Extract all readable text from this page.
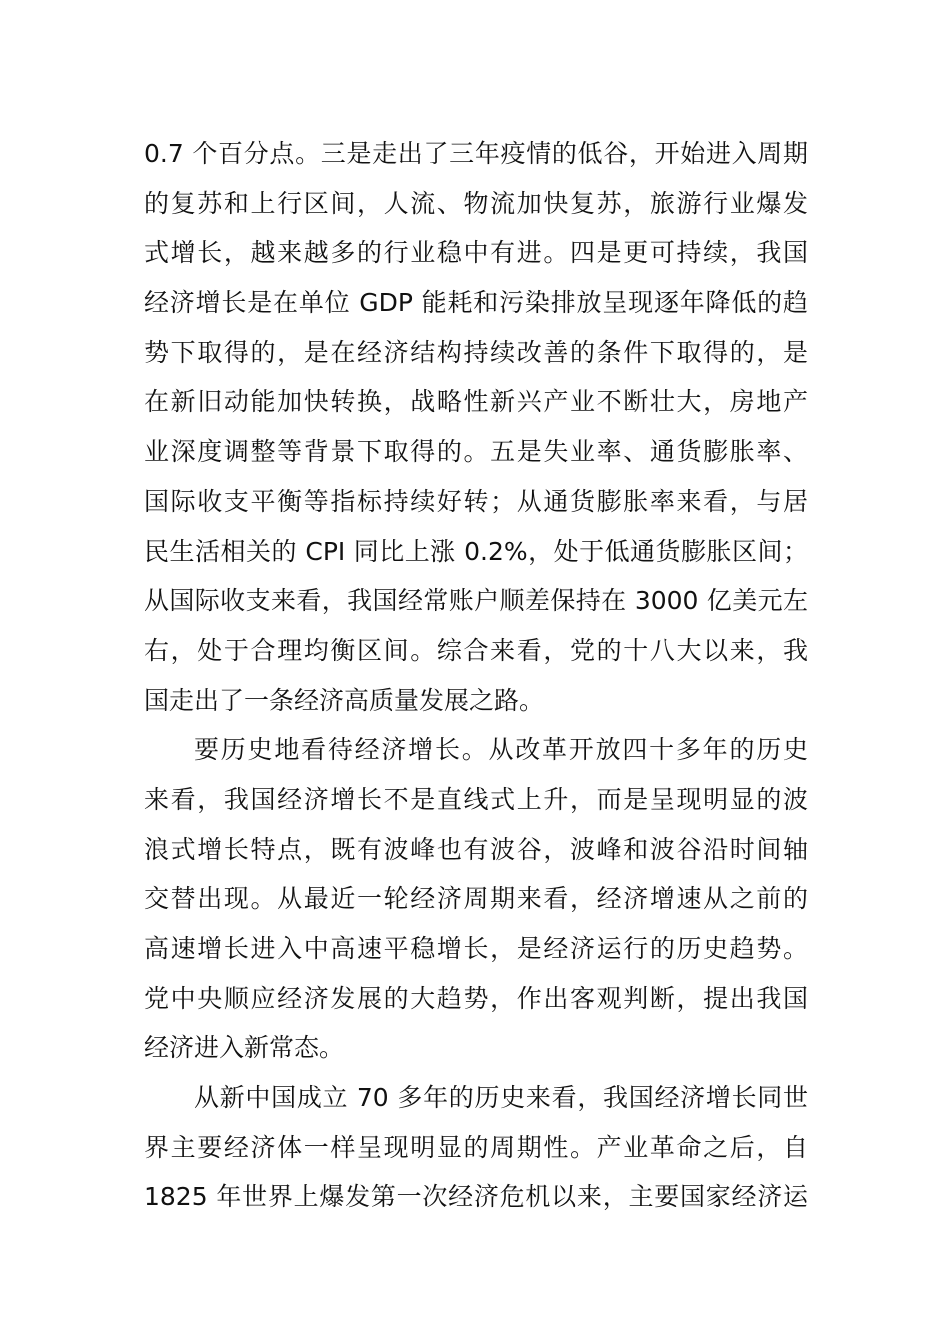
0.7 个百分点。三是走出了三年疫情的低谷，开始进入周期
的复苏和上行区间，人流、物流加快复苏，旅游行业爆发
式增长，越来越多的行业稳中有进。四是更可持续，我国
经济增长是在单位 GDP 能耗和污染排放呈现逐年降低的趋
势下取得的，是在经济结构持续改善的条件下取得的，是
在新旧动能加快转换，战略性新兴产业不断壮大，房地产
业深度调整等背景下取得的。五是失业率、通货膨胀率、
国际收支平衡等指标持续好转；从通货膨胀率来看，与居
民生活相关的 CPI 同比上涨 0.2%，处于低通货膨胀区间；
从国际收支来看，我国经常账户顺差保持在 3000 亿美元左
右，处于合理均衡区间。综合来看，党的十八大以来，我
国走出了一条经济高质量发展之路。
要历史地看待经济增长。从改革开放四十多年的历史
来看，我国经济增长不是直线式上升，而是呈现明显的波
浪式增长特点，既有波峰也有波谷，波峰和波谷沿时间轴
交替出现。从最近一轮经济周期来看，经济增速从之前的
高速增长进入中高速平稳增长，是经济运行的历史趋势。
党中央顺应经济发展的大趋势，作出客观判断，提出我国
经济进入新常态。
从新中国成立 70 多年的历史来看，我国经济增长同世
界主要经济体一样呈现明显的周期性。产业革命之后，自
1825 年世界上爆发第一次经济危机以来，主要国家经济运
